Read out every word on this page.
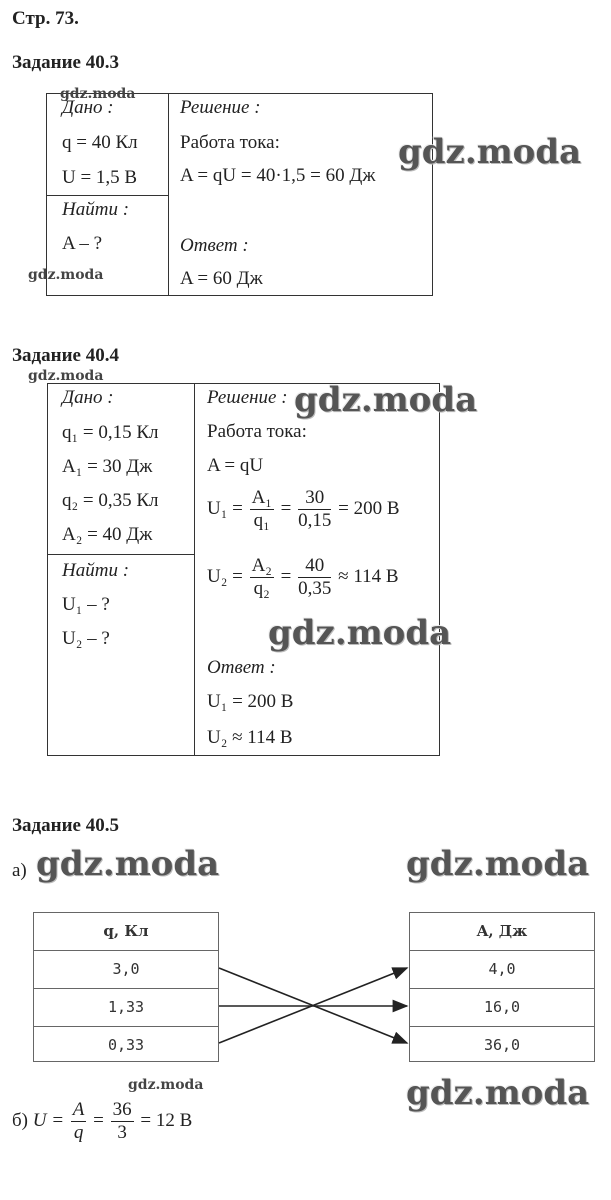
Стр. 73.
Задание 40.3
Дано :
q = 40 Кл
U = 1,5 В
Найти :
A – ?
Решение :
Работа тока:
A = qU = 40·1,5 = 60 Дж
Ответ :
A = 60 Дж
gdz.moda
gdz.moda
gdz.moda
Задание 40.4
gdz.moda
Дано :
q₁ = 0,15 Кл
A₁ = 30 Дж
q₂ = 0,35 Кл
A₂ = 40 Дж
Найти :
U₁ – ?
U₂ – ?
Решение :
Работа тока:
A = qU
$U_1 = \frac{\text{A₁}}{\text{q₁}} = \frac{30}{0,15} = 200$ В
$U_2 = \frac{\text{A₂}}{\text{q₂}} = \frac{40}{0,35} \approx 114$ В
Ответ :
U₁ = 200 В
U₂ ≈ 114 В
gdz.moda
gdz.moda
Задание 40.5
а) gdz.moda	gdz.moda
q, Кл
3,0
1,33
0,33
A, Дж
4,0
16,0
36,0
gdz.moda	gdz.moda
б) $U = \frac{A}{q} = \frac{36}{3} = 12$ В
